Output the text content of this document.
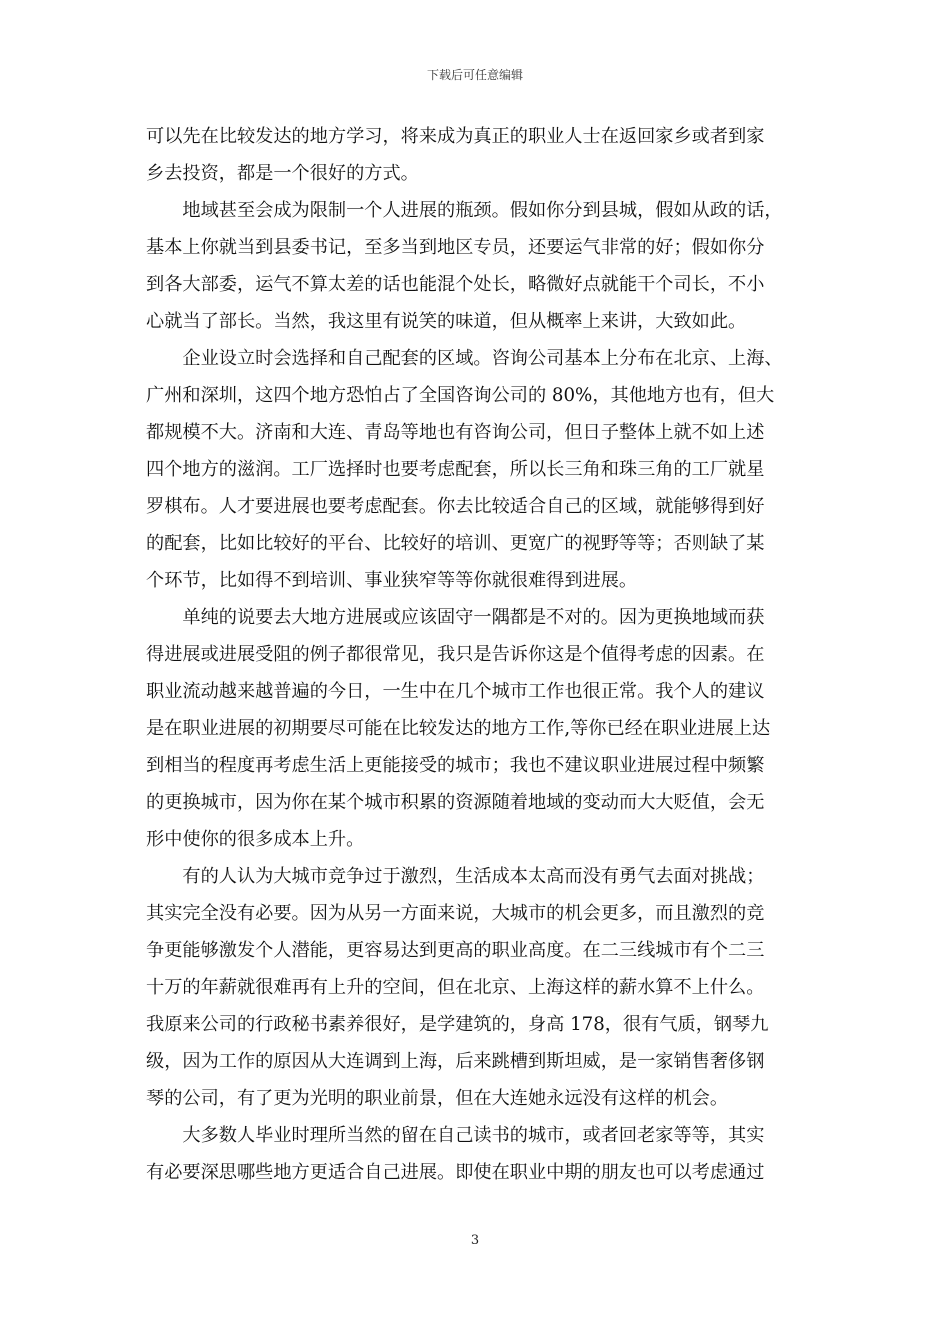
下载后可任意编辑
可以先在比较发达的地方学习，将来成为真正的职业人士在返回家乡或者到家
乡去投资，都是一个很好的方式。
　　地域甚至会成为限制一个人进展的瓶颈。假如你分到县城，假如从政的话，
基本上你就当到县委书记，至多当到地区专员，还要运气非常的好；假如你分
到各大部委，运气不算太差的话也能混个处长，略微好点就能干个司长，不小
心就当了部长。当然，我这里有说笑的味道，但从概率上来讲，大致如此。
　　企业设立时会选择和自己配套的区域。咨询公司基本上分布在北京、上海、
广州和深圳，这四个地方恐怕占了全国咨询公司的 80%，其他地方也有，但大
都规模不大。济南和大连、青岛等地也有咨询公司，但日子整体上就不如上述
四个地方的滋润。工厂选择时也要考虑配套，所以长三角和珠三角的工厂就星
罗棋布。人才要进展也要考虑配套。你去比较适合自己的区域，就能够得到好
的配套，比如比较好的平台、比较好的培训、更宽广的视野等等；否则缺了某
个环节，比如得不到培训、事业狭窄等等你就很难得到进展。
　　单纯的说要去大地方进展或应该固守一隅都是不对的。因为更换地域而获
得进展或进展受阻的例子都很常见，我只是告诉你这是个值得考虑的因素。在
职业流动越来越普遍的今日，一生中在几个城市工作也很正常。我个人的建议
是在职业进展的初期要尽可能在比较发达的地方工作,等你已经在职业进展上达
到相当的程度再考虑生活上更能接受的城市；我也不建议职业进展过程中频繁
的更换城市，因为你在某个城市积累的资源随着地域的变动而大大贬值，会无
形中使你的很多成本上升。
　　有的人认为大城市竞争过于激烈，生活成本太高而没有勇气去面对挑战；
其实完全没有必要。因为从另一方面来说，大城市的机会更多，而且激烈的竞
争更能够激发个人潜能，更容易达到更高的职业高度。在二三线城市有个二三
十万的年薪就很难再有上升的空间，但在北京、上海这样的薪水算不上什么。
我原来公司的行政秘书素养很好，是学建筑的，身高 178，很有气质，钢琴九
级，因为工作的原因从大连调到上海，后来跳槽到斯坦威，是一家销售奢侈钢
琴的公司，有了更为光明的职业前景，但在大连她永远没有这样的机会。
　　大多数人毕业时理所当然的留在自己读书的城市，或者回老家等等，其实
有必要深思哪些地方更适合自己进展。即使在职业中期的朋友也可以考虑通过
3
